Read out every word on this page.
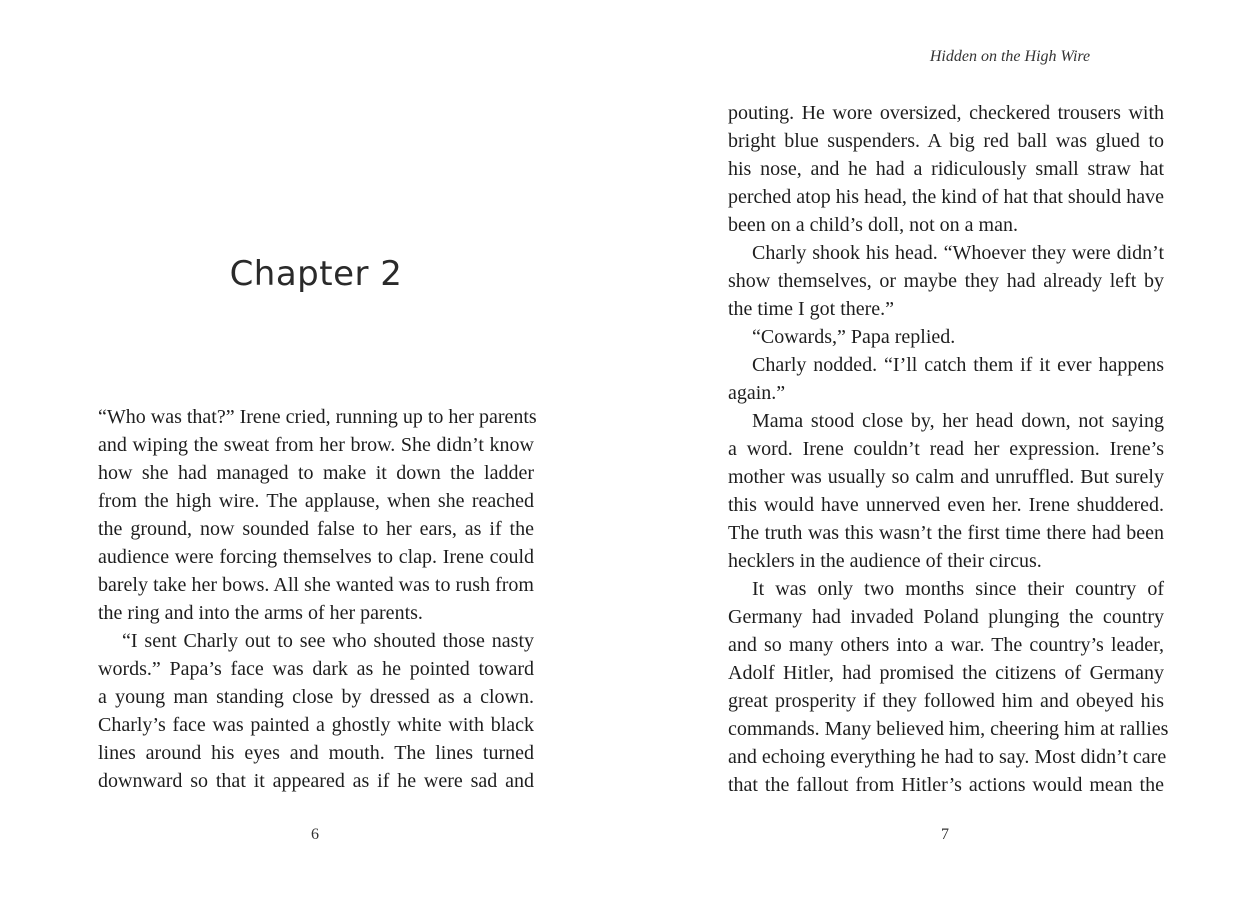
Chapter 2
“Who was that?” Irene cried, running up to her parents
and wiping the sweat from her brow. She didn’t know
how she had managed to make it down the ladder
from the high wire. The applause, when she reached
the ground, now sounded false to her ears, as if the
audience were forcing themselves to clap. Irene could
barely take her bows. All she wanted was to rush from
the ring and into the arms of her parents.
“I sent Charly out to see who shouted those nasty
words.” Papa’s face was dark as he pointed toward
a young man standing close by dressed as a clown.
Charly’s face was painted a ghostly white with black
lines around his eyes and mouth. The lines turned
downward so that it appeared as if he were sad and
6
Hidden on the High Wire
pouting. He wore oversized, checkered trousers with
bright blue suspenders. A big red ball was glued to
his nose, and he had a ridiculously small straw hat
perched atop his head, the kind of hat that should have
been on a child’s doll, not on a man.
Charly shook his head. “Whoever they were didn’t
show themselves, or maybe they had already left by
the time I got there.”
“Cowards,” Papa replied.
Charly nodded. “I’ll catch them if it ever happens
again.”
Mama stood close by, her head down, not saying
a word. Irene couldn’t read her expression. Irene’s
mother was usually so calm and unruffled. But surely
this would have unnerved even her. Irene shuddered.
The truth was this wasn’t the first time there had been
hecklers in the audience of their circus.
It was only two months since their country of
Germany had invaded Poland plunging the country
and so many others into a war. The country’s leader,
Adolf Hitler, had promised the citizens of Germany
great prosperity if they followed him and obeyed his
commands. Many believed him, cheering him at rallies
and echoing everything he had to say. Most didn’t care
that the fallout from Hitler’s actions would mean the
7
